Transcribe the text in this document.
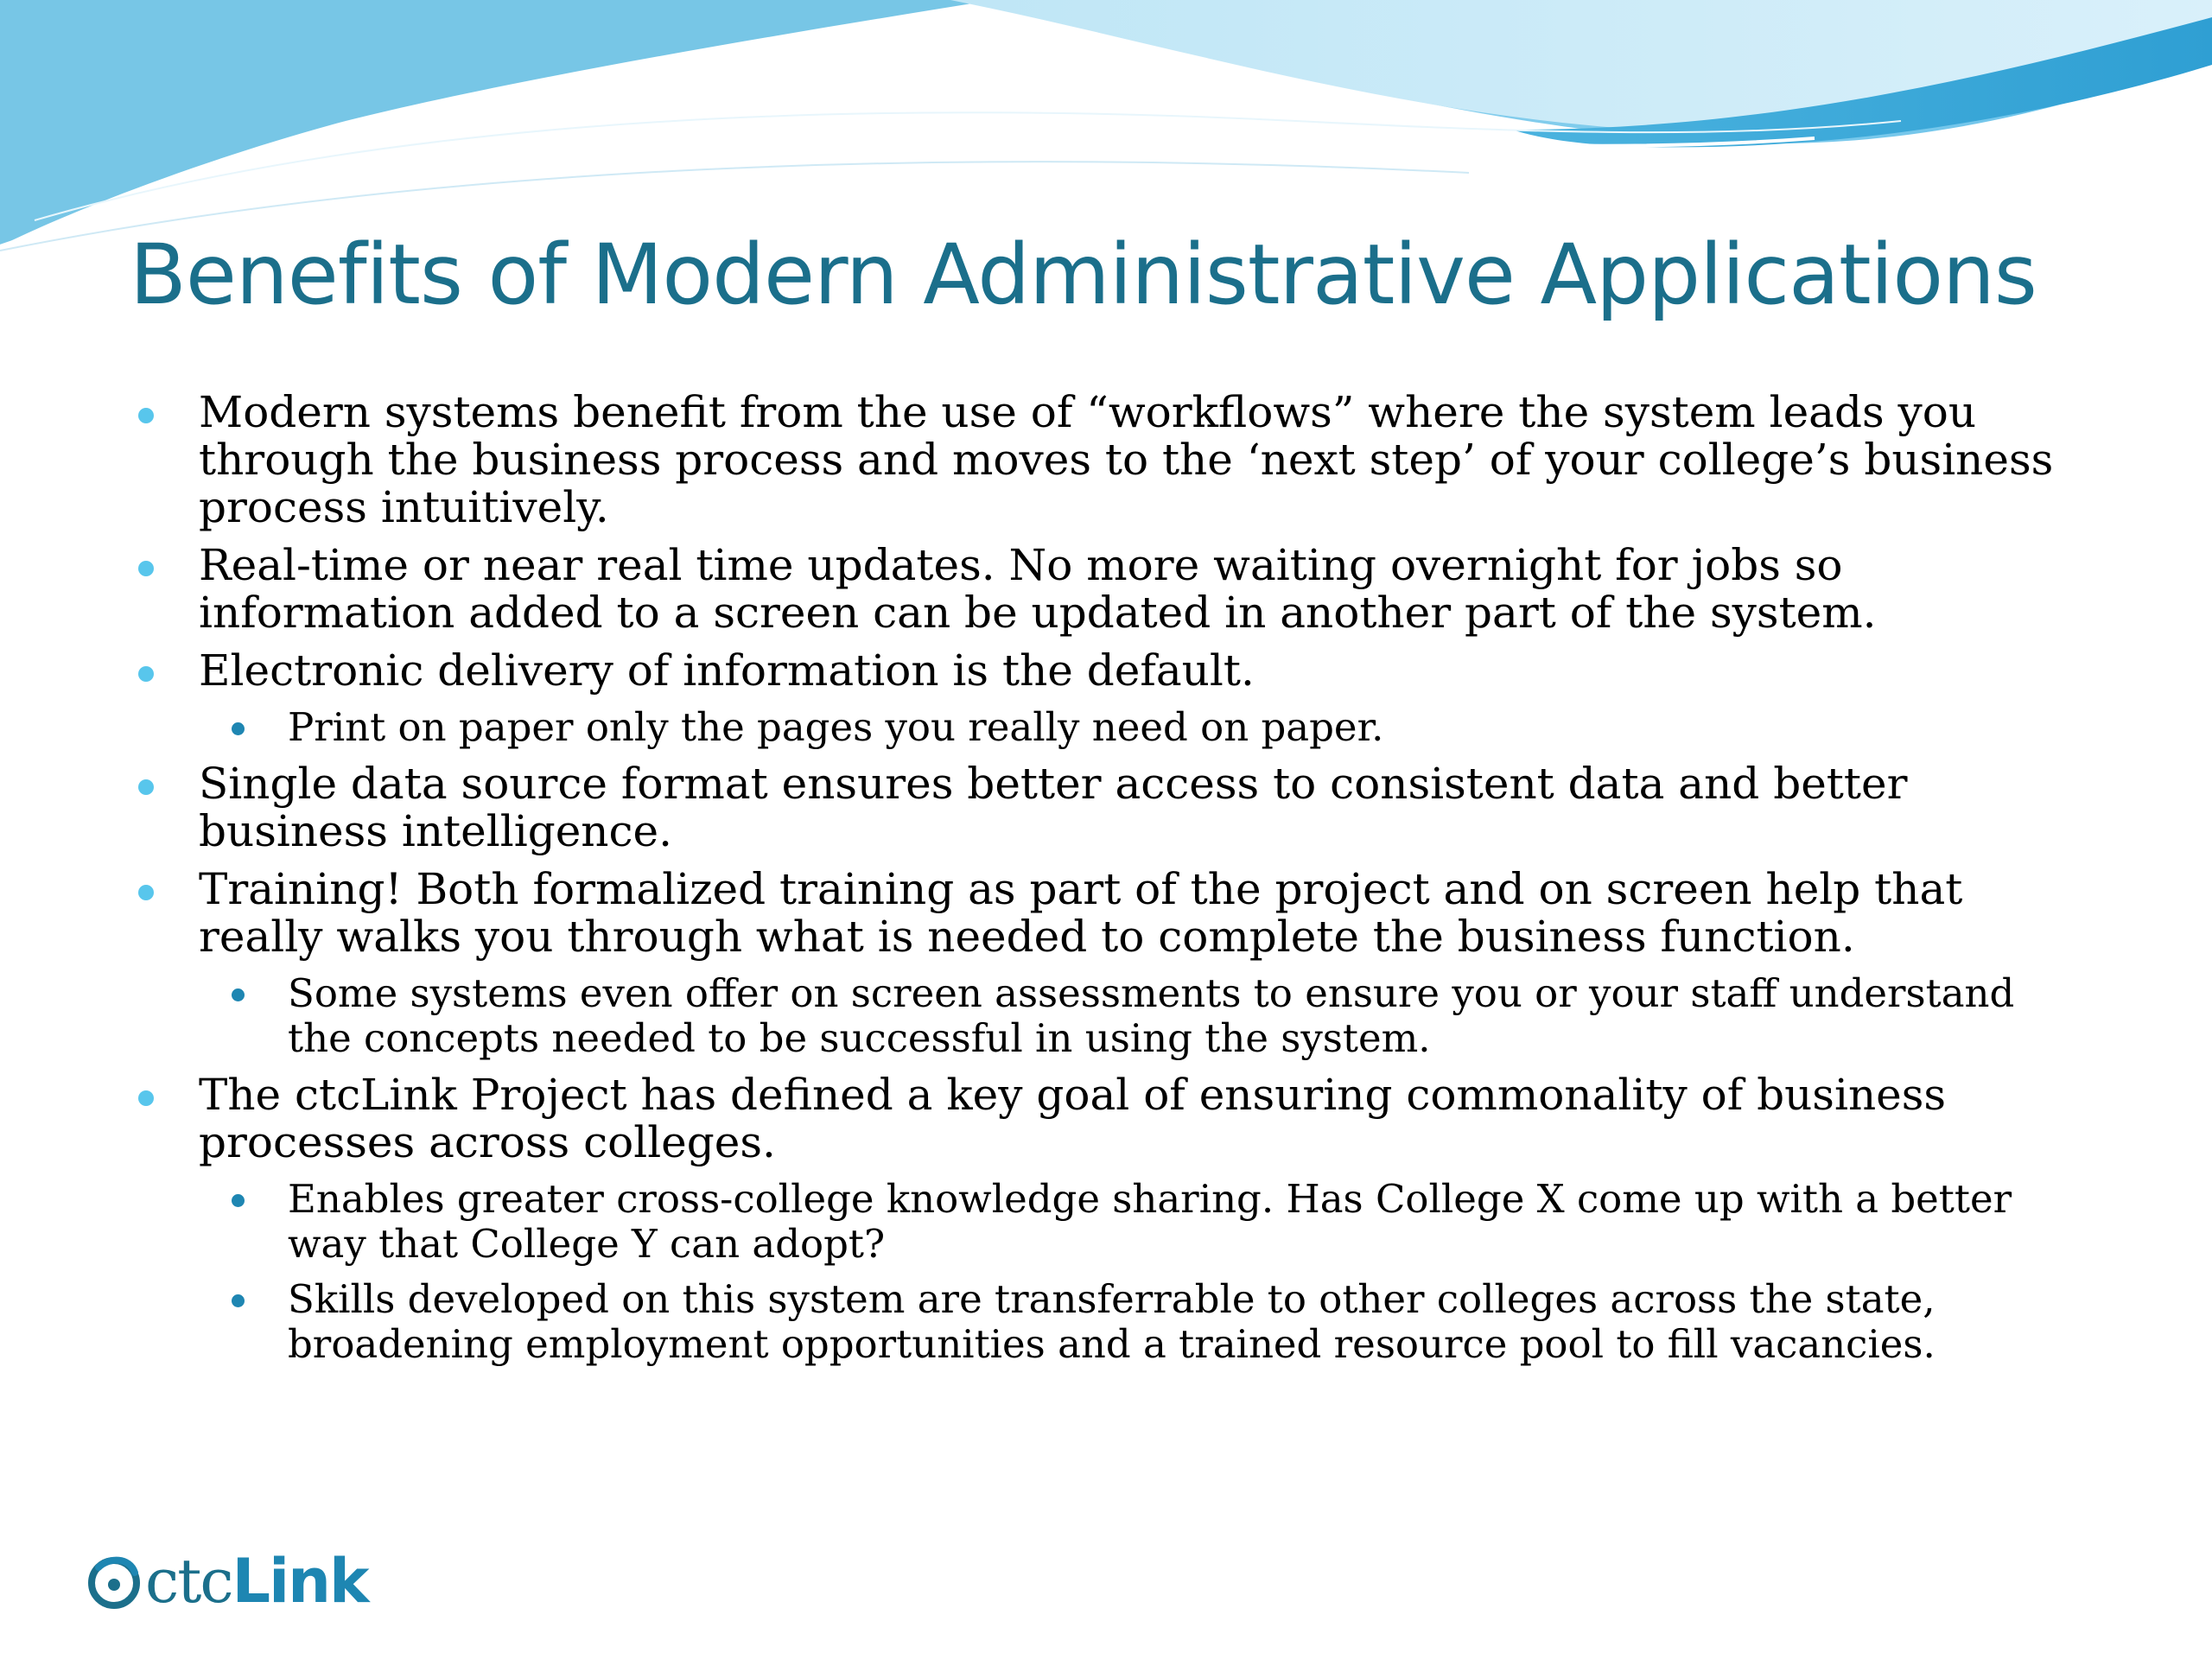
Benefits of Modern Administrative Applications
Modern systems benefit from the use of “workflows” where the system leads you through the business process and moves to the ‘next step’ of your college’s business process intuitively.
Real-time or near real time updates. No more waiting overnight for jobs so information added to a screen can be updated in another part of the system.
Electronic delivery of information is the default.
Print on paper only the pages you really need on paper.
Single data source format ensures better access to consistent data and better business intelligence.
Training! Both formalized training as part of the project and on screen help that really walks you through what is needed to complete the business function.
Some systems even offer on screen assessments to ensure you or your staff understand the concepts needed to be successful in using the system.
The ctcLink Project has defined a key goal of ensuring commonality of business processes across colleges.
Enables greater cross-college knowledge sharing. Has College X come up with a better way that College Y can adopt?
Skills developed on this system are transferrable to other colleges across the state, broadening employment opportunities and a trained resource pool to fill vacancies.
ctc Link
